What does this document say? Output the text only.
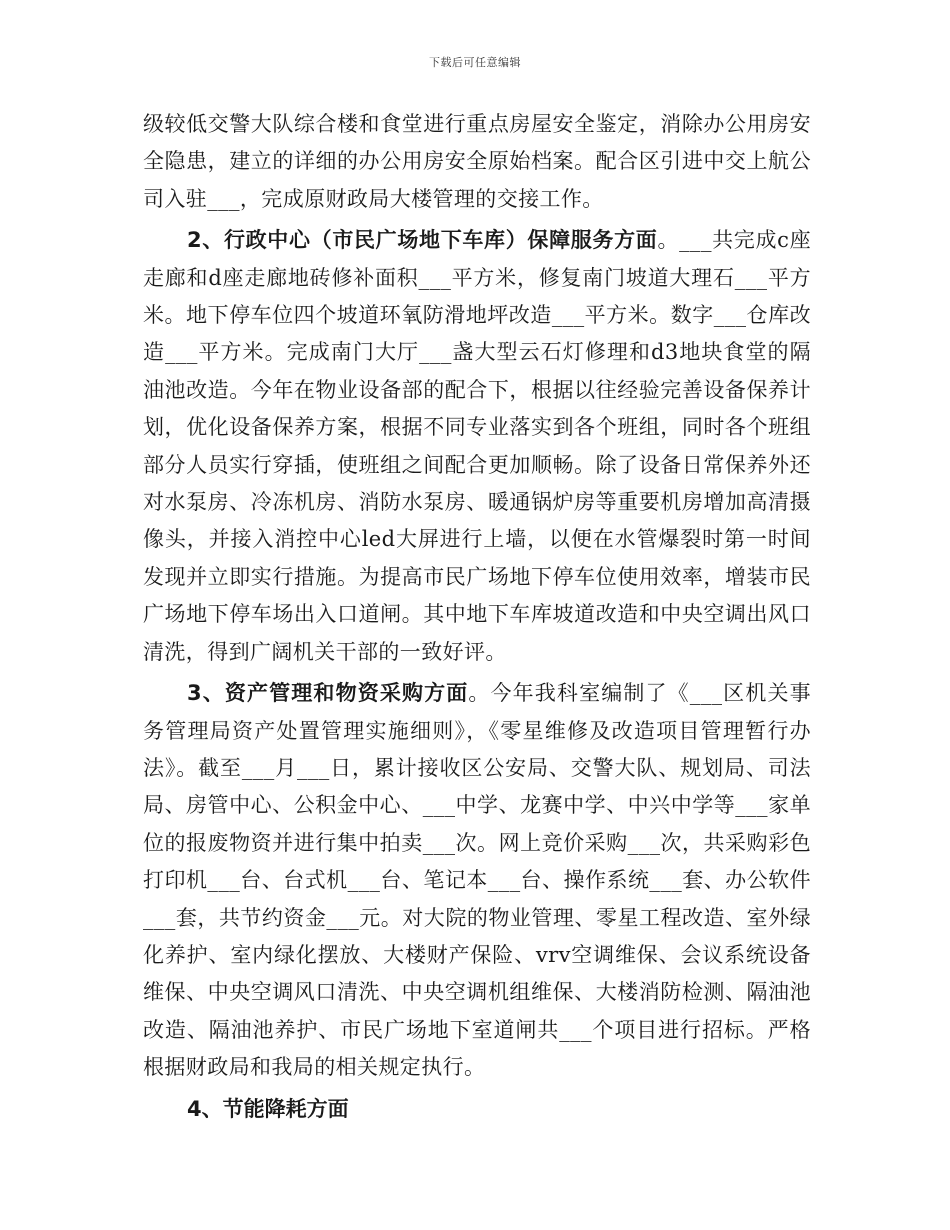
下载后可任意编辑

级较低交警大队综合楼和食堂进行重点房屋安全鉴定，消除办公用房安全隐患，建立的详细的办公用房安全原始档案。配合区引进中交上航公司入驻___，完成原财政局大楼管理的交接工作。

2、行政中心（市民广场地下车库）保障服务方面。___共完成c座走廊和d座走廊地砖修补面积___平方米，修复南门坡道大理石___平方米。地下停车位四个坡道环氧防滑地坪改造___平方米。数字___仓库改造___平方米。完成南门大厅___盏大型云石灯修理和d3地块食堂的隔油池改造。今年在物业设备部的配合下，根据以往经验完善设备保养计划，优化设备保养方案，根据不同专业落实到各个班组，同时各个班组部分人员实行穿插，使班组之间配合更加顺畅。除了设备日常保养外还对水泵房、冷冻机房、消防水泵房、暖通锅炉房等重要机房增加高清摄像头，并接入消控中心led大屏进行上墙，以便在水管爆裂时第一时间发现并立即实行措施。为提高市民广场地下停车位使用效率，增装市民广场地下停车场出入口道闸。其中地下车库坡道改造和中央空调出风口清洗，得到广阔机关干部的一致好评。

3、资产管理和物资采购方面。今年我科室编制了《___区机关事务管理局资产处置管理实施细则》，《零星维修及改造项目管理暂行办法》。截至___月___日，累计接收区公安局、交警大队、规划局、司法局、房管中心、公积金中心、___中学、龙赛中学、中兴中学等___家单位的报废物资并进行集中拍卖___次。网上竞价采购___次，共采购彩色打印机___台、台式机___台、笔记本___台、操作系统___套、办公软件___套，共节约资金___元。对大院的物业管理、零星工程改造、室外绿化养护、室内绿化摆放、大楼财产保险、vrv空调维保、会议系统设备维保、中央空调风口清洗、中央空调机组维保、大楼消防检测、隔油池改造、隔油池养护、市民广场地下室道闸共___个项目进行招标。严格根据财政局和我局的相关规定执行。

4、节能降耗方面
